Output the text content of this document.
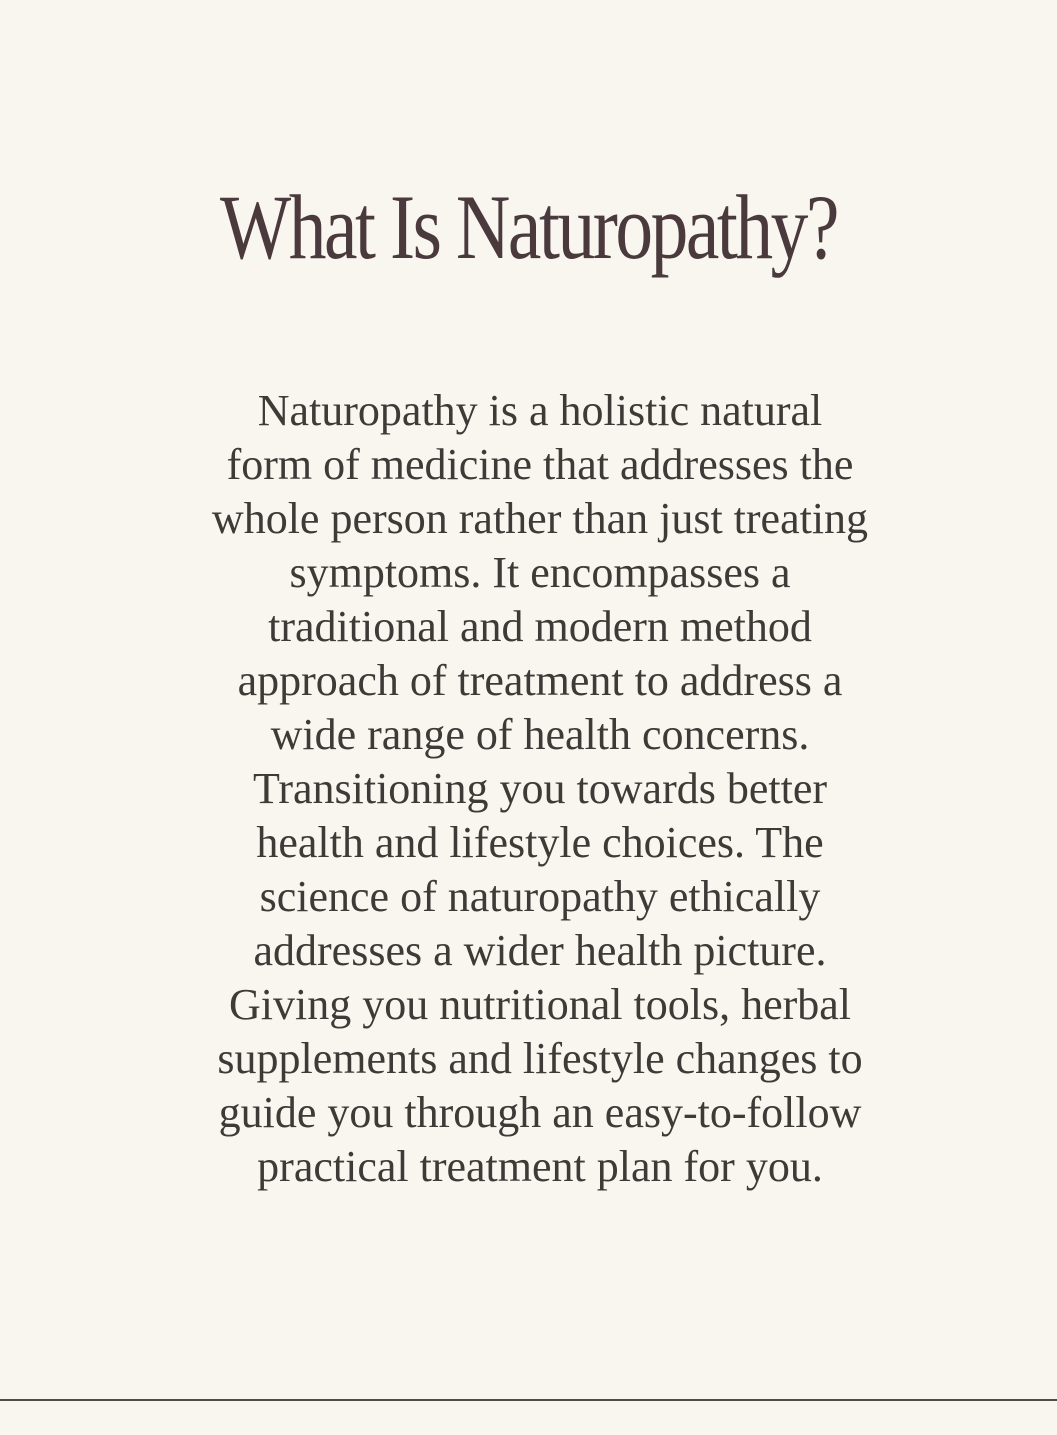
What Is Naturopathy?

Naturopathy is a holistic natural
form of medicine that addresses the
whole person rather than just treating
symptoms. It encompasses a
traditional and modern method
approach of treatment to address a
wide range of health concerns.
Transitioning you towards better
health and lifestyle choices. The
science of naturopathy ethically
addresses a wider health picture.
Giving you nutritional tools, herbal
supplements and lifestyle changes to
guide you through an easy-to-follow
practical treatment plan for you.
